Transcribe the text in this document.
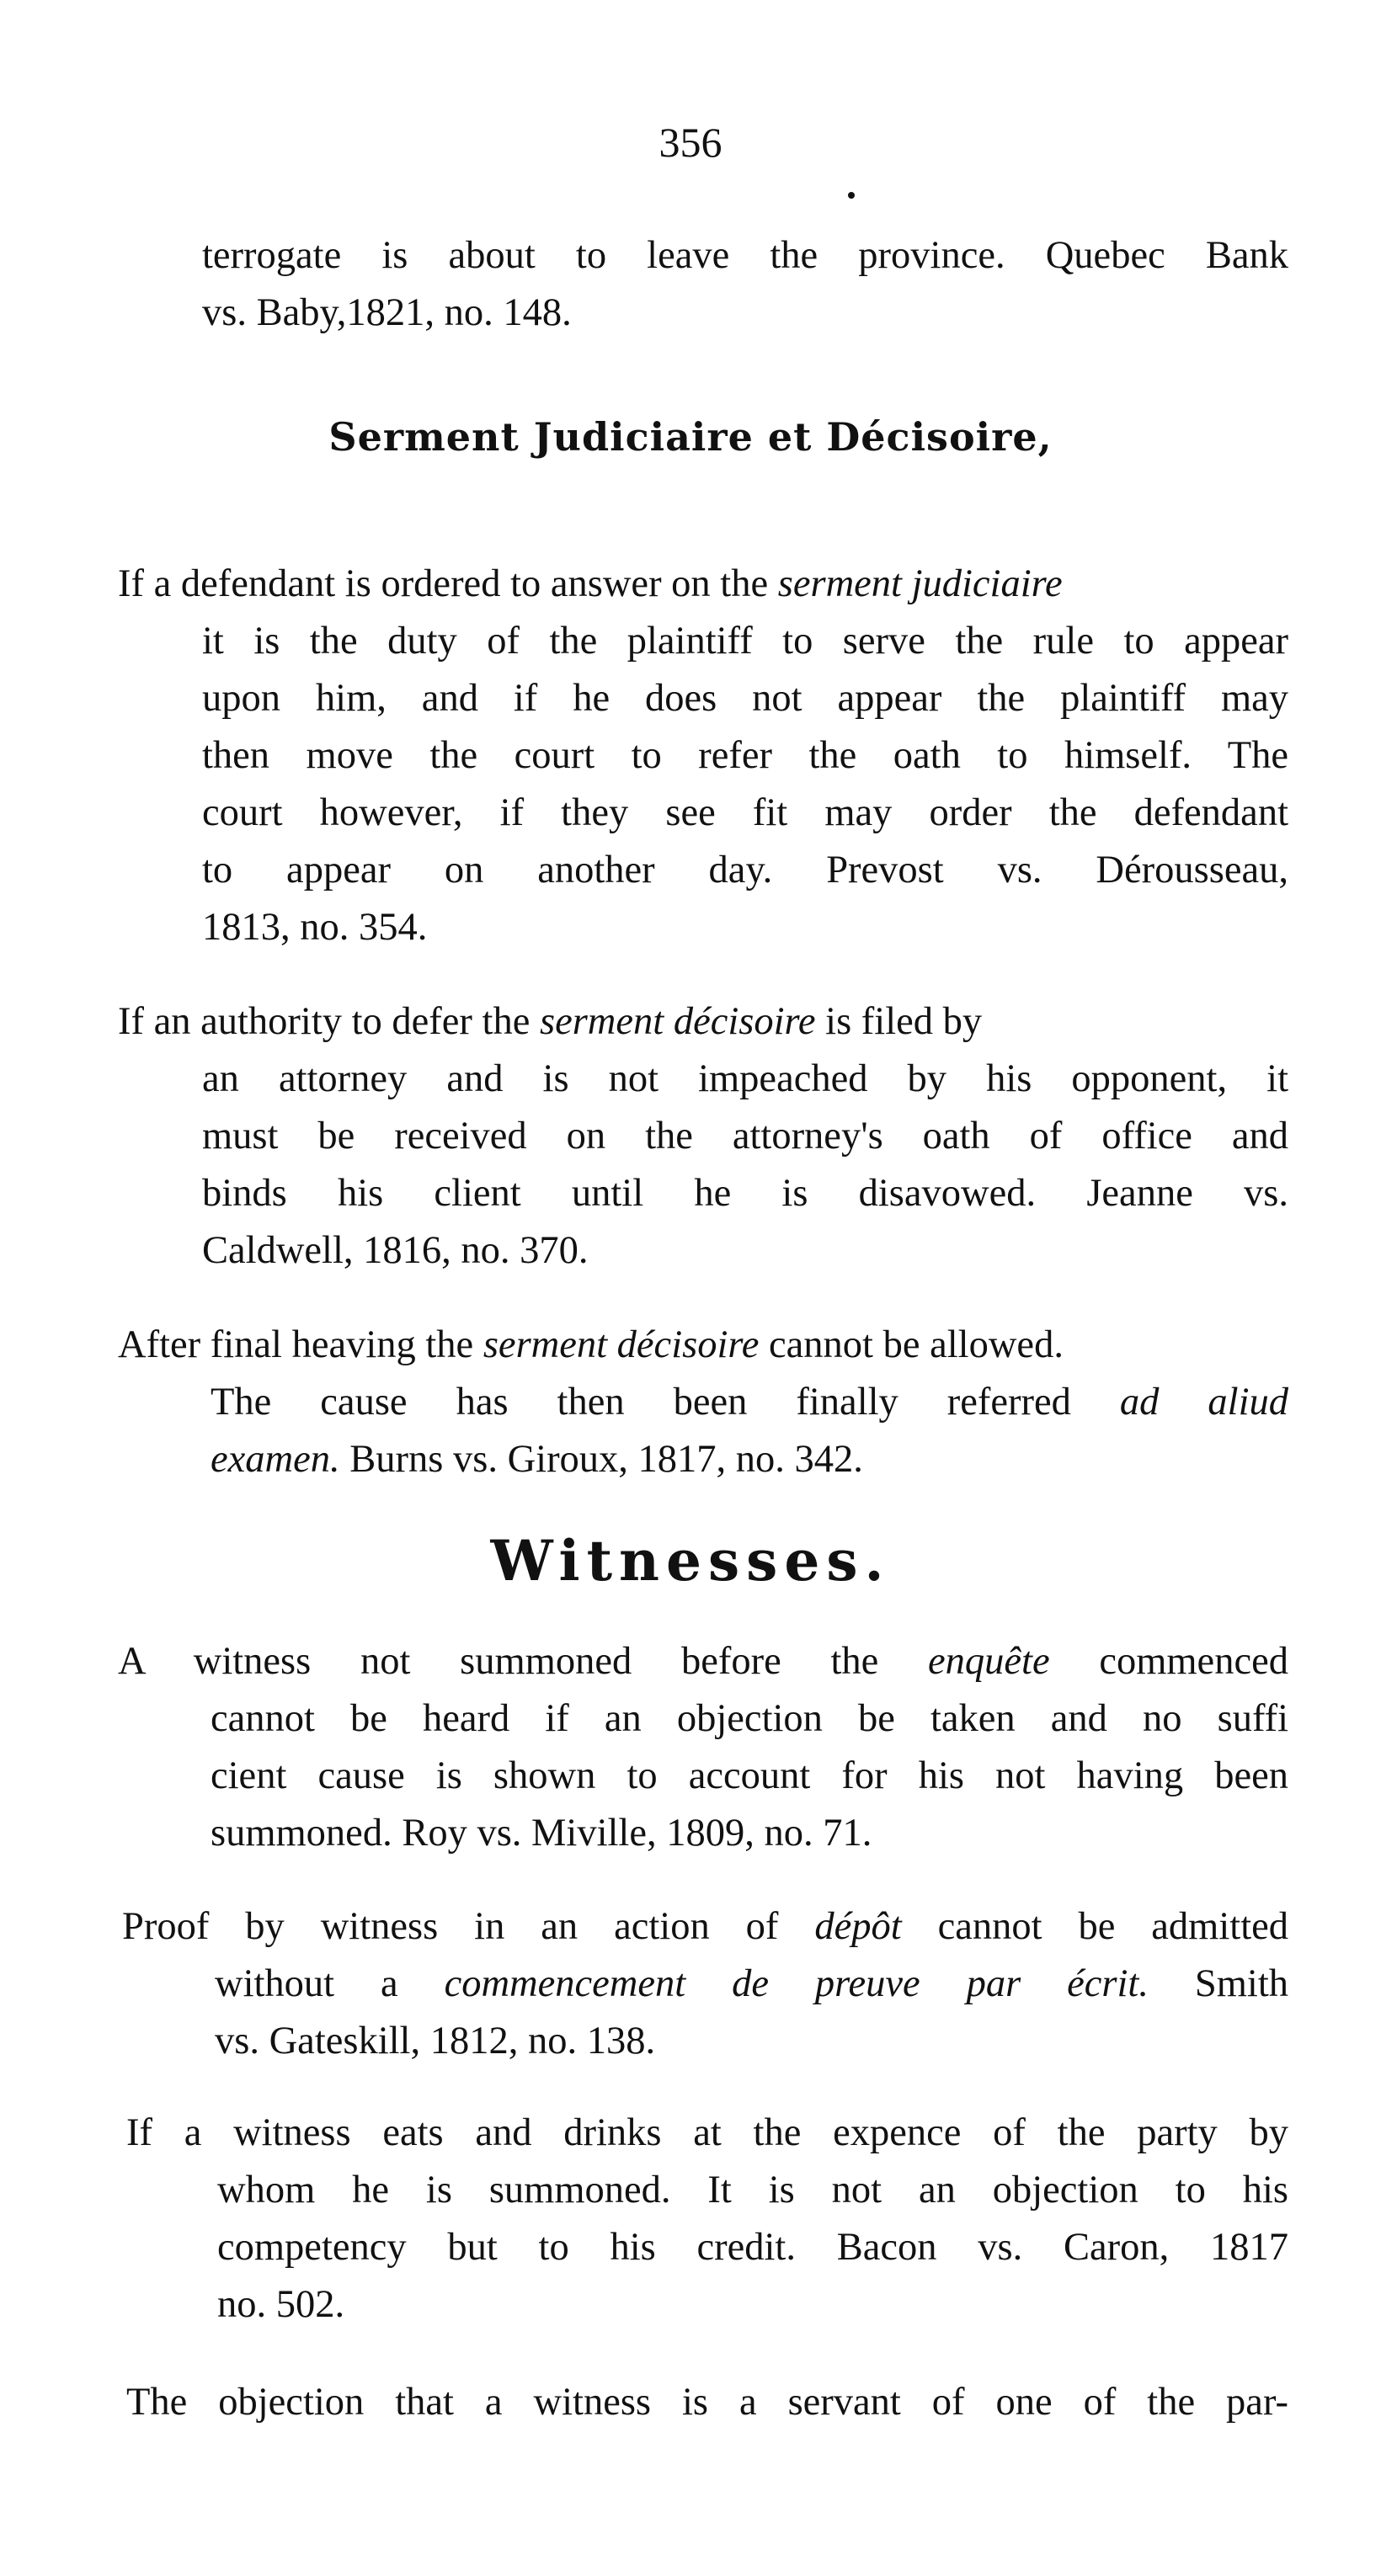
356
terrogate is about to leave the province. Quebec Bank
vs. Baby,1821, no. 148.
Serment Judiciaire et Décisoire,
If a defendant is ordered to answer on the serment judiciaire
it is the duty of the plaintiff to serve the rule to appear
upon him, and if he does not appear the plaintiff may
then move the court to refer the oath to himself. The
court however, if they see fit may order the defendant
to appear on another day. Prevost vs. Dérousseau,
1813, no. 354.
If an authority to defer the serment décisoire is filed by
an attorney and is not impeached by his opponent, it
must be received on the attorney's oath of office and
binds his client until he is disavowed. Jeanne vs.
Caldwell, 1816, no. 370.
After final heaving the serment décisoire cannot be allowed.
The cause has then been finally referred ad aliud
examen. Burns vs. Giroux, 1817, no. 342.
Witnesses.
A witness not summoned before the enquête commenced
cannot be heard if an objection be taken and no suffi
cient cause is shown to account for his not having been
summoned. Roy vs. Miville, 1809, no. 71.
Proof by witness in an action of dépôt cannot be admitted
without a commencement de preuve par écrit. Smith
vs. Gateskill, 1812, no. 138.
If a witness eats and drinks at the expence of the party by
whom he is summoned. It is not an objection to his
competency but to his credit. Bacon vs. Caron, 1817
no. 502.
The objection that a witness is a servant of one of the par-
